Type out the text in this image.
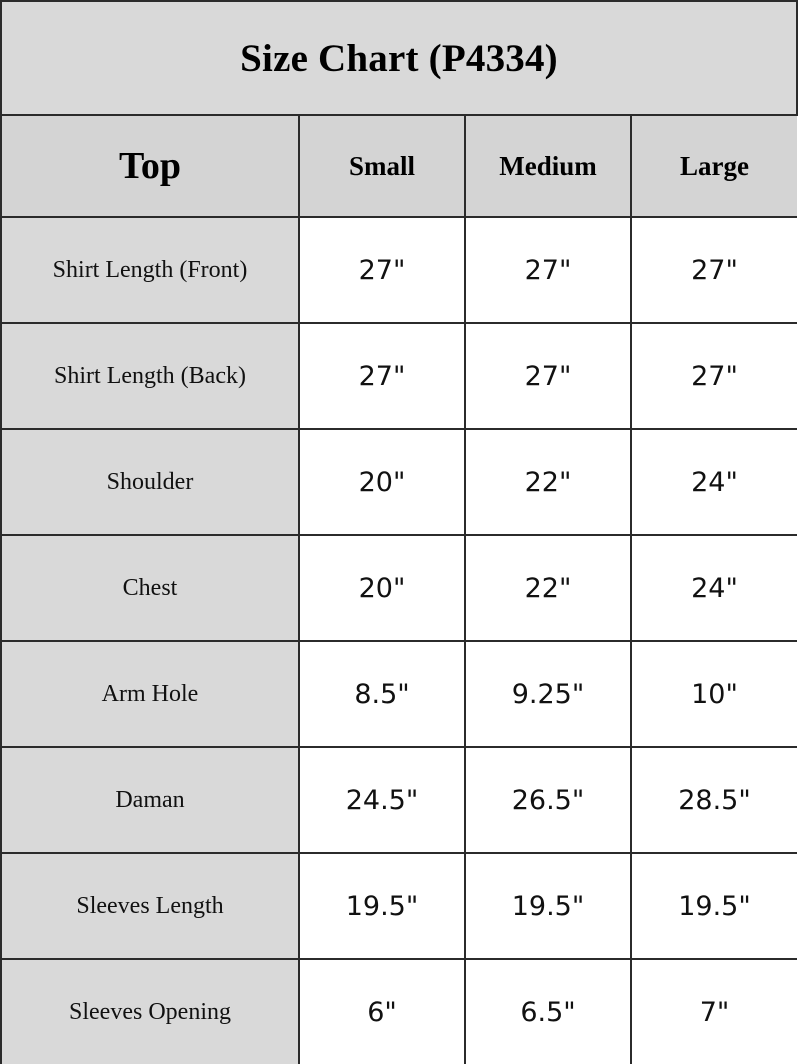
Size Chart (P4334)			
Top	Small	Medium	Large
Shirt Length (Front)	27"	27"	27"
Shirt Length (Back)	27"	27"	27"
Shoulder	20"	22"	24"
Chest	20"	22"	24"
Arm Hole	8.5"	9.25"	10"
Daman	24.5"	26.5"	28.5"
Sleeves Length	19.5"	19.5"	19.5"
Sleeves Opening	6"	6.5"	7"
